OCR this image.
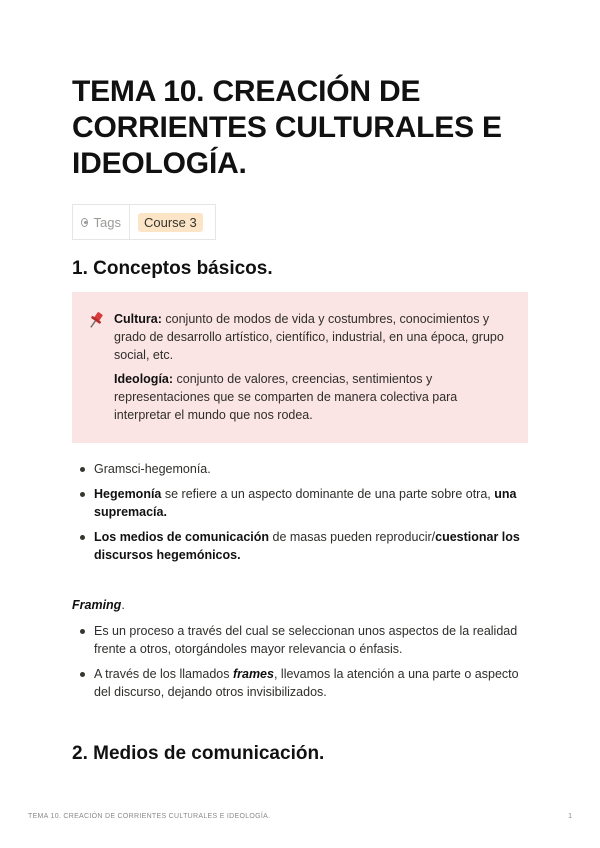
TEMA 10. CREACIÓN DE CORRIENTES CULTURALES E IDEOLOGÍA.
Tags	Course 3
1. Conceptos básicos.

Cultura: conjunto de modos de vida y costumbres, conocimientos y grado de desarrollo artístico, científico, industrial, en una época, grupo social, etc.

Ideología: conjunto de valores, creencias, sentimientos y representaciones que se comparten de manera colectiva para interpretar el mundo que nos rodea.

Gramsci-hegemonía.
Hegemonía se refiere a un aspecto dominante de una parte sobre otra, una supremacía.
Los medios de comunicación de masas pueden reproducir/cuestionar los discursos hegemónicos.
Framing.
Es un proceso a través del cual se seleccionan unos aspectos de la realidad frente a otros, otorgándoles mayor relevancia o énfasis.
A través de los llamados frames, llevamos la atención a una parte o aspecto del discurso, dejando otros invisibilizados.
2. Medios de comunicación.
TEMA 10. CREACIÓN DE CORRIENTES CULTURALES E IDEOLOGÍA.	1
